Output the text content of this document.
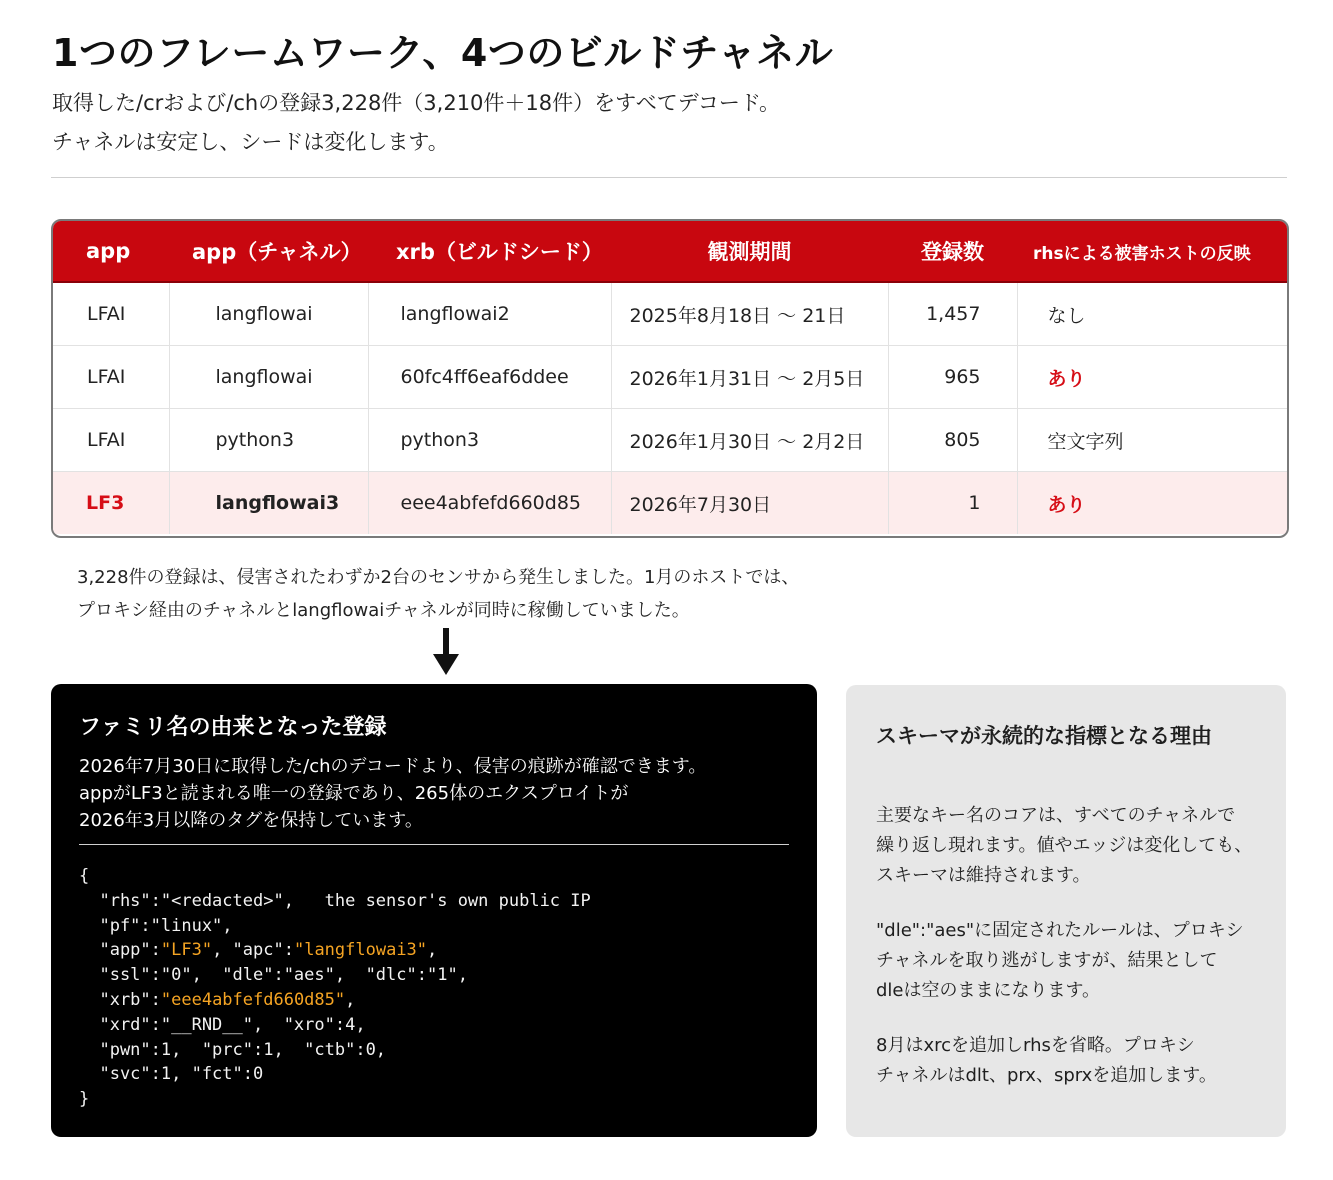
1つのフレームワーク、4つのビルドチャネル
取得した/crおよび/chの登録3,228件（3,210件＋18件）をすべてデコード。
チャネルは安定し、シードは変化します。
app	app（チャネル）	xrb（ビルドシード）	観測期間	登録数	rhsによる被害ホストの反映
LFAI	langflowai	langflowai2	2025年8月18日 ～ 21日	1,457	なし
LFAI	langflowai	60fc4ff6eaf6ddee	2026年1月31日 ～ 2月5日	965	あり
LFAI	python3	python3	2026年1月30日 ～ 2月2日	805	空文字列
LF3	langflowai3	eee4abfefd660d85	2026年7月30日	1	あり
3,228件の登録は、侵害されたわずか2台のセンサから発生しました。1月のホストでは、
プロキシ経由のチャネルとlangflowaiチャネルが同時に稼働していました。
ファミリ名の由来となった登録
2026年7月30日に取得した/chのデコードより、侵害の痕跡が確認できます。
appがLF3と読まれる唯一の登録であり、265体のエクスプロイトが
2026年3月以降のタグを保持しています。
{
"rhs":"<redacted>",   the sensor's own public IP
"pf":"linux",
"app":"LF3", "apc":"langflowai3",
"ssl":"0",  "dle":"aes",  "dlc":"1",
"xrb":"eee4abfefd660d85",
"xrd":"__RND__",  "xro":4,
"pwn":1,  "prc":1,  "ctb":0,
"svc":1, "fct":0
}
スキーマが永続的な指標となる理由

主要なキー名のコアは、すべてのチャネルで
繰り返し現れます。値やエッジは変化しても、
スキーマは維持されます。

"dle":"aes"に固定されたルールは、プロキシ
チャネルを取り逃がしますが、結果として
dleは空のままになります。

8月はxrcを追加しrhsを省略。プロキシ
チャネルはdlt、prx、sprxを追加します。
